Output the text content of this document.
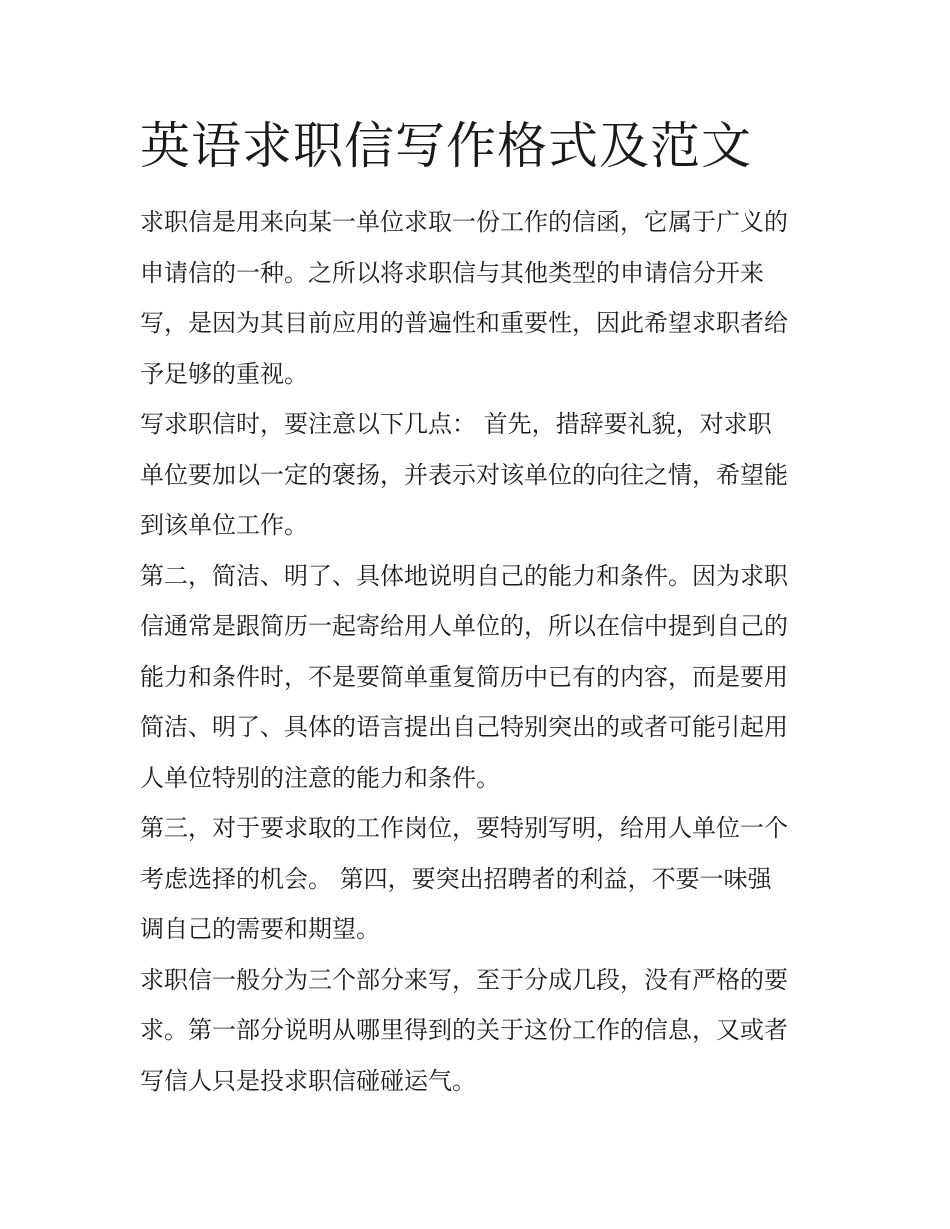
英语求职信写作格式及范文

求职信是用来向某一单位求取一份工作的信函，它属于广义的
申请信的一种。之所以将求职信与其他类型的申请信分开来
写，是因为其目前应用的普遍性和重要性，因此希望求职者给
予足够的重视。

写求职信时，要注意以下几点： 首先，措辞要礼貌，对求职
单位要加以一定的褒扬，并表示对该单位的向往之情，希望能
到该单位工作。

第二，简洁、明了、具体地说明自己的能力和条件。因为求职
信通常是跟简历一起寄给用人单位的，所以在信中提到自己的
能力和条件时，不是要简单重复简历中已有的内容，而是要用
简洁、明了、具体的语言提出自己特别突出的或者可能引起用
人单位特别的注意的能力和条件。

第三，对于要求取的工作岗位，要特别写明，给用人单位一个
考虑选择的机会。 第四，要突出招聘者的利益，不要一味强
调自己的需要和期望。

求职信一般分为三个部分来写，至于分成几段，没有严格的要
求。第一部分说明从哪里得到的关于这份工作的信息，又或者
写信人只是投求职信碰碰运气。
